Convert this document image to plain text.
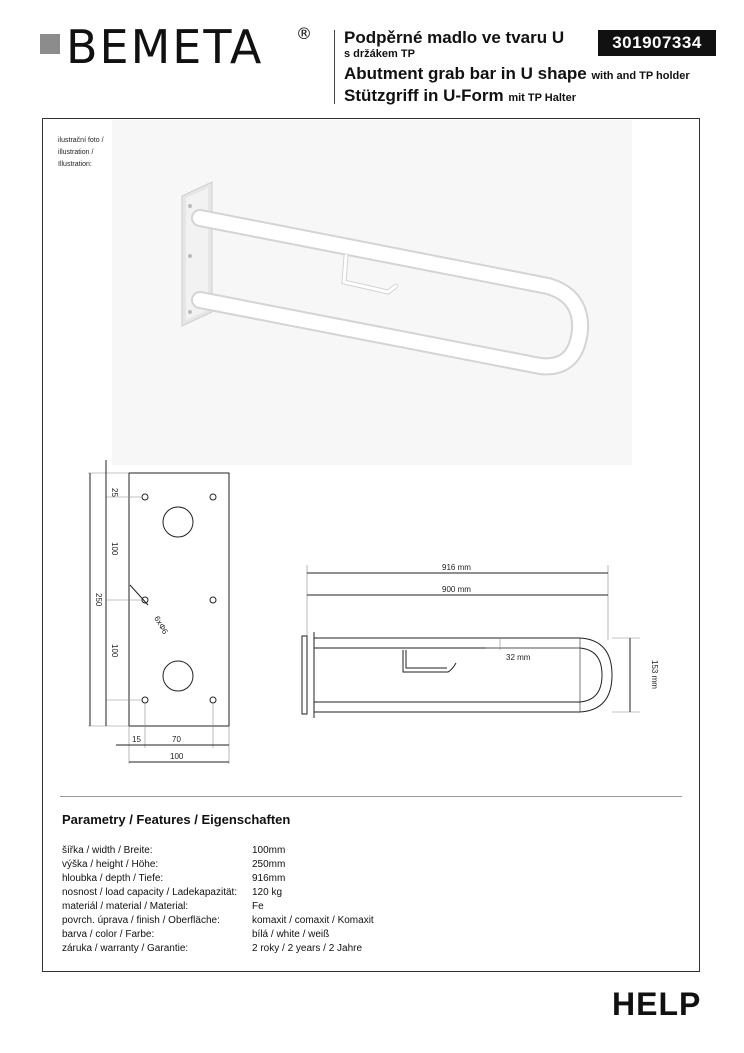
BEMETA ® Podpěrné madlo ve tvaru U
s držákem TP
Abutment grab bar in U shape with and TP holder
Stützgriff in U-Form mit TP Halter
301907334
ilustrační foto /
illustration /
Illustration:
25
100
250
100
15	70
100
6xΦ6
916 mm
900 mm
32 mm
153 mm
Parametry / Features / Eigenschaften
šířka / width / Breite:	100mm
výška / height / Höhe:	250mm
hloubka / depth / Tiefe:	916mm
nosnost / load capacity / Ladekapazität: 120 kg
materiál / material / Material:	Fe
povrch. úprava / finish / Oberfläche:	komaxit / comaxit / Komaxit
barva / color / Farbe:	bílá / white / weiß
záruka / warranty / Garantie:	2 roky / 2 years / 2 Jahre
HELP
